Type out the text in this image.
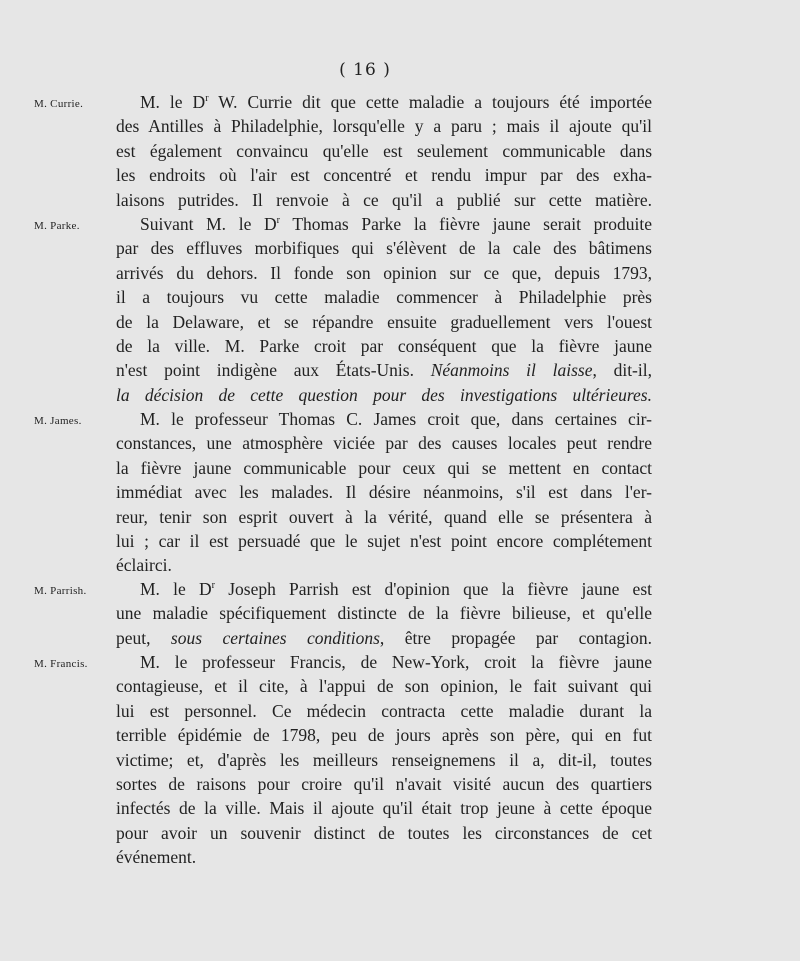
( 16 )
M. Currie.	M. le $D^r$ W. Currie dit que cette maladie a toujours été importée
des Antilles à Philadelphie, lorsqu'elle y a paru ; mais il ajoute qu'il
est également convaincu qu'elle est seulement communicable dans
les endroits où l'air est concentré et rendu impur par des exha-
laisons putrides. Il renvoie à ce qu'il a publié sur cette matière.
M. Parke.	Suivant M. le $D^r$ Thomas Parke la fièvre jaune serait produite
par des effluves morbifiques qui s'élèvent de la cale des bâtimens
arrivés du dehors. Il fonde son opinion sur ce que, depuis 1793,
il a toujours vu cette maladie commencer à Philadelphie près
de la Delaware, et se répandre ensuite graduellement vers l'ouest
de la ville. M. Parke croit par conséquent que la fièvre jaune
n'est point indigène aux États-Unis. Néanmoins il laisse, dit-il,
la décision de cette question pour des investigations ultérieures.
M. James.	M. le professeur Thomas C. James croit que, dans certaines cir-
constances, une atmosphère viciée par des causes locales peut rendre
la fièvre jaune communicable pour ceux qui se mettent en contact
immédiat avec les malades. Il désire néanmoins, s'il est dans l'er-
reur, tenir son esprit ouvert à la vérité, quand elle se présentera à
lui ; car il est persuadé que le sujet n'est point encore complétement
éclairci.
M. Parrish.	M. le $D^r$ Joseph Parrish est d'opinion que la fièvre jaune est
une maladie spécifiquement distincte de la fièvre bilieuse, et qu'elle
peut, sous certaines conditions, être propagée par contagion.
M. Francis.	M. le professeur Francis, de New-York, croit la fièvre jaune
contagieuse, et il cite, à l'appui de son opinion, le fait suivant qui
lui est personnel. Ce médecin contracta cette maladie durant la
terrible épidémie de 1798, peu de jours après son père, qui en fut
victime; et, d'après les meilleurs renseignemens il a, dit-il, toutes
sortes de raisons pour croire qu'il n'avait visité aucun des quartiers
infectés de la ville. Mais il ajoute qu'il était trop jeune à cette époque
pour avoir un souvenir distinct de toutes les circonstances de cet
événement.
